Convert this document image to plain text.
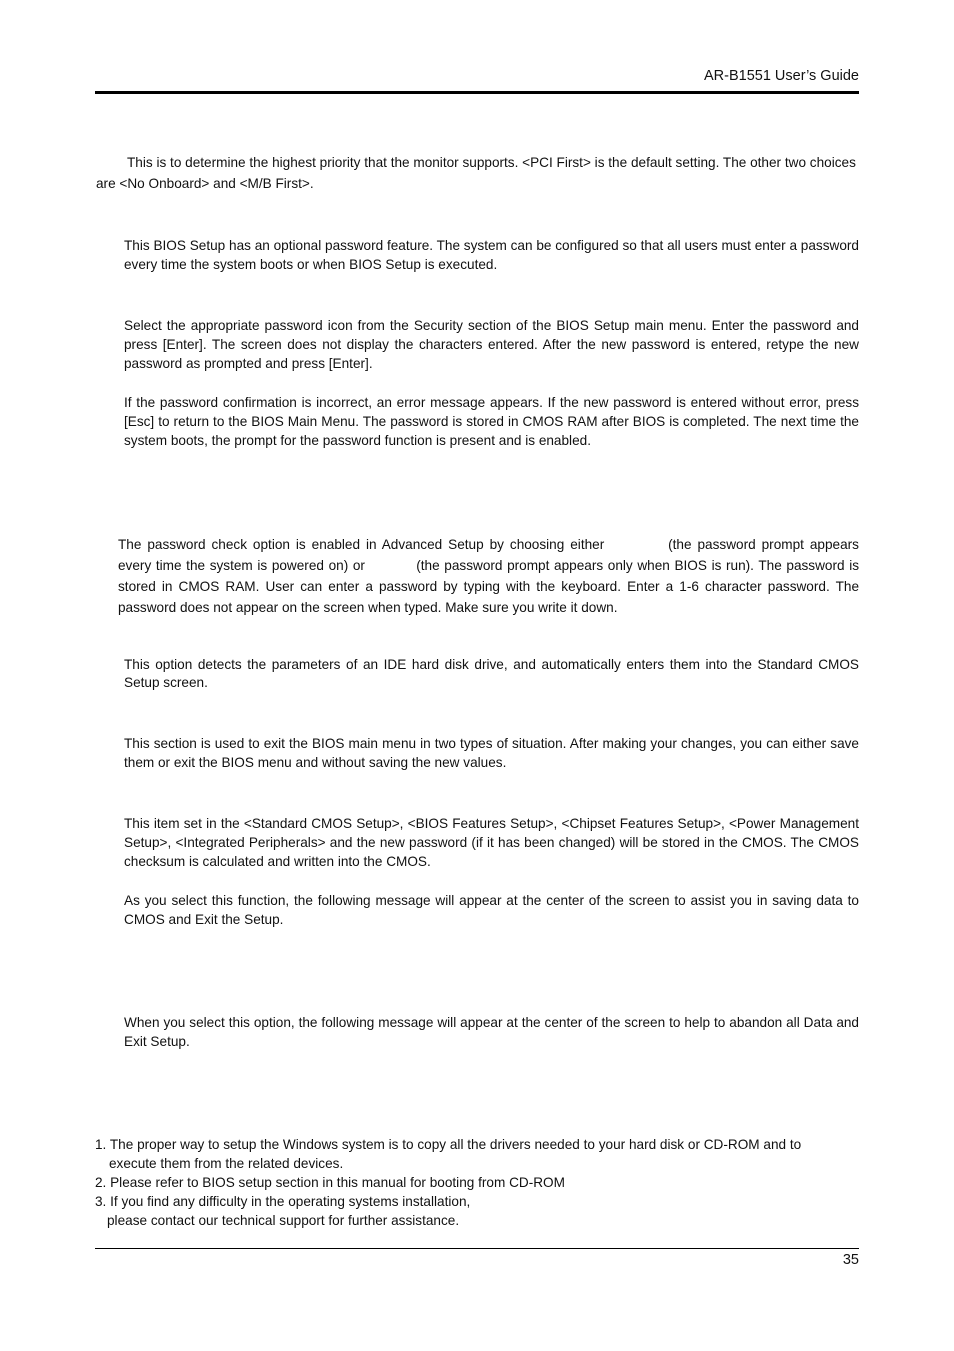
AR-B1551 User’s Guide
This is to determine the highest priority that the monitor supports. <PCI First> is the default setting. The other two choices are <No Onboard> and <M/B First>.
This BIOS Setup has an optional password feature. The system can be configured so that all users must enter a password every time the system boots or when BIOS Setup is executed.
Select the appropriate password icon from the Security section of the BIOS Setup main menu. Enter the password and press [Enter]. The screen does not display the characters entered. After the new password is entered, retype the new password as prompted and press [Enter].
If the password confirmation is incorrect, an error message appears. If the new password is entered without error, press [Esc] to return to the BIOS Main Menu. The password is stored in CMOS RAM after BIOS is completed. The next time the system boots, the prompt for the password function is present and is enabled.
The password check option is enabled in Advanced Setup by choosing either	(the password prompt appears every time the system is powered on) or	(the password prompt appears only when BIOS is run). The password is stored in CMOS RAM. User can enter a password by typing with the keyboard. Enter a 1-6 character password. The password does not appear on the screen when typed. Make sure you write it down.
This option detects the parameters of an IDE hard disk drive, and automatically enters them into the Standard CMOS Setup screen.
This section is used to exit the BIOS main menu in two types of situation. After making your changes, you can either save them or exit the BIOS menu and without saving the new values.
This item set in the <Standard CMOS Setup>, <BIOS Features Setup>, <Chipset Features Setup>, <Power Management Setup>, <Integrated Peripherals> and the new password (if it has been changed) will be stored in the CMOS. The CMOS checksum is calculated and written into the CMOS.
As you select this function, the following message will appear at the center of the screen to assist you in saving data to CMOS and Exit the Setup.
When you select this option, the following message will appear at the center of the screen to help to abandon all Data and Exit Setup.
1. The proper way to setup the Windows system is to copy all the drivers needed to your hard disk or CD-ROM and to
execute them from the related devices.
2. Please refer to BIOS setup section in this manual for booting from CD-ROM
3. If you find any difficulty in the operating systems installation,
please contact our technical support for further assistance.
35
